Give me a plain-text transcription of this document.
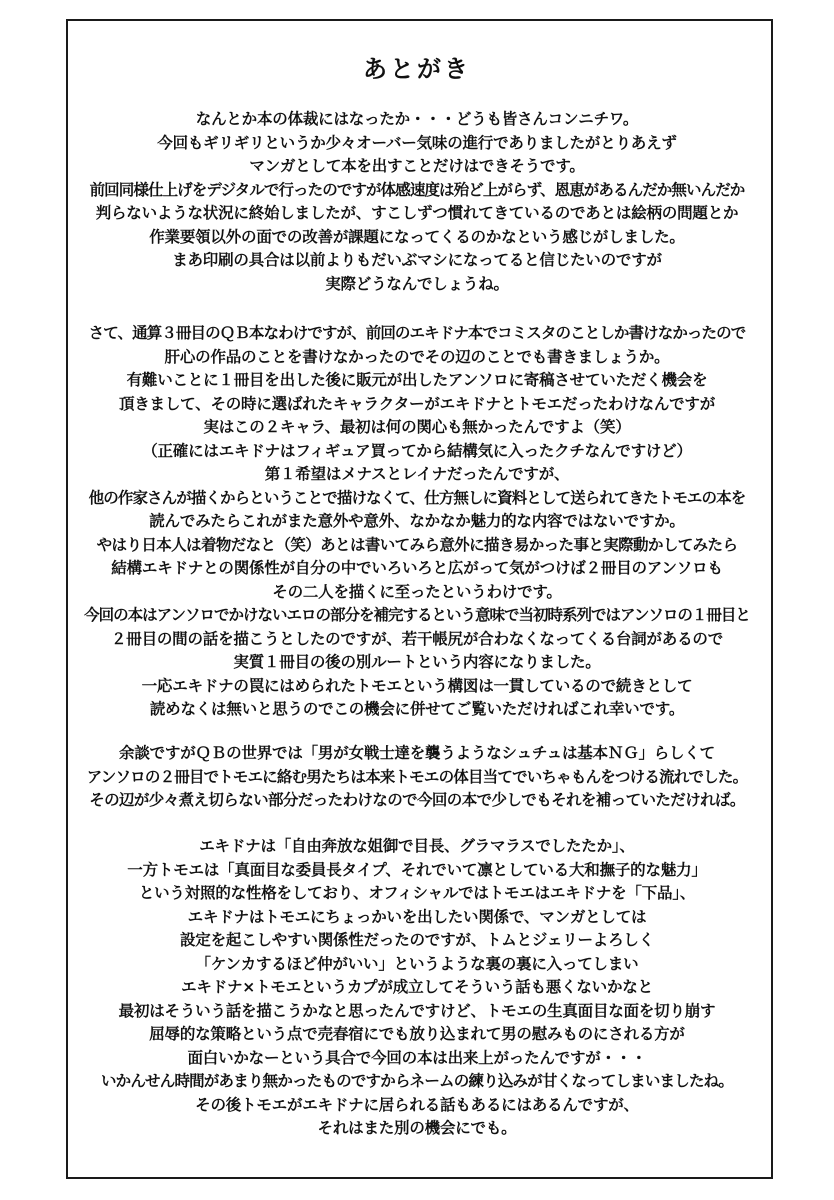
あとがき
なんとか本の体裁にはなったか・・・どうも皆さんコンニチワ。
今回もギリギリというか少々オーバー気味の進行でありましたがとりあえず
マンガとして本を出すことだけはできそうです。
前回同様仕上げをデジタルで行ったのですが体感速度は殆ど上がらず、恩恵があるんだか無いんだか
判らないような状況に終始しましたが、すこしずつ慣れてきているのであとは絵柄の問題とか
作業要領以外の面での改善が課題になってくるのかなという感じがしました。
まあ印刷の具合は以前よりもだいぶマシになってると信じたいのですが
実際どうなんでしょうね。
さて、通算３冊目のＱＢ本なわけですが、前回のエキドナ本でコミスタのことしか書けなかったので
肝心の作品のことを書けなかったのでその辺のことでも書きましょうか。
有難いことに１冊目を出した後に販元が出したアンソロに寄稿させていただく機会を
頂きまして、その時に選ばれたキャラクターがエキドナとトモエだったわけなんですが
実はこの２キャラ、最初は何の関心も無かったんですよ（笑）
（正確にはエキドナはフィギュア買ってから結構気に入ったクチなんですけど）
第１希望はメナスとレイナだったんですが、
他の作家さんが描くからということで描けなくて、仕方無しに資料として送られてきたトモエの本を
読んでみたらこれがまた意外や意外、なかなか魅力的な内容ではないですか。
やはり日本人は着物だなと（笑）あとは書いてみら意外に描き易かった事と実際動かしてみたら
結構エキドナとの関係性が自分の中でいろいろと広がって気がつけば２冊目のアンソロも
その二人を描くに至ったというわけです。
今回の本はアンソロでかけないエロの部分を補完するという意味で当初時系列ではアンソロの１冊目と
２冊目の間の話を描こうとしたのですが、若干帳尻が合わなくなってくる台詞があるので
実質１冊目の後の別ルートという内容になりました。
一応エキドナの罠にはめられたトモエという構図は一貫しているので続きとして
読めなくは無いと思うのでこの機会に併せてご覧いただければこれ幸いです。
余談ですがＱＢの世界では「男が女戦士達を襲うようなシュチュは基本ＮＧ」らしくて
アンソロの２冊目でトモエに絡む男たちは本来トモエの体目当てでいちゃもんをつける流れでした。
その辺が少々煮え切らない部分だったわけなので今回の本で少しでもそれを補っていただければ。
エキドナは「自由奔放な姐御で目長、グラマラスでしたたか」、
一方トモエは「真面目な委員長タイプ、それでいて凛としている大和撫子的な魅力」
という対照的な性格をしており、オフィシャルではトモエはエキドナを「下品」、
エキドナはトモエにちょっかいを出したい関係で、マンガとしては
設定を起こしやすい関係性だったのですが、トムとジェリーよろしく
「ケンカするほど仲がいい」というような裏の裏に入ってしまい
エキドナ×トモエというカプが成立してそういう話も悪くないかなと
最初はそういう話を描こうかなと思ったんですけど、トモエの生真面目な面を切り崩す
屈辱的な策略という点で売春宿にでも放り込まれて男の慰みものにされる方が
面白いかなーという具合で今回の本は出来上がったんですが・・・
いかんせん時間があまり無かったものですからネームの練り込みが甘くなってしまいましたね。
その後トモエがエキドナに居られる話もあるにはあるんですが、
それはまた別の機会にでも。
